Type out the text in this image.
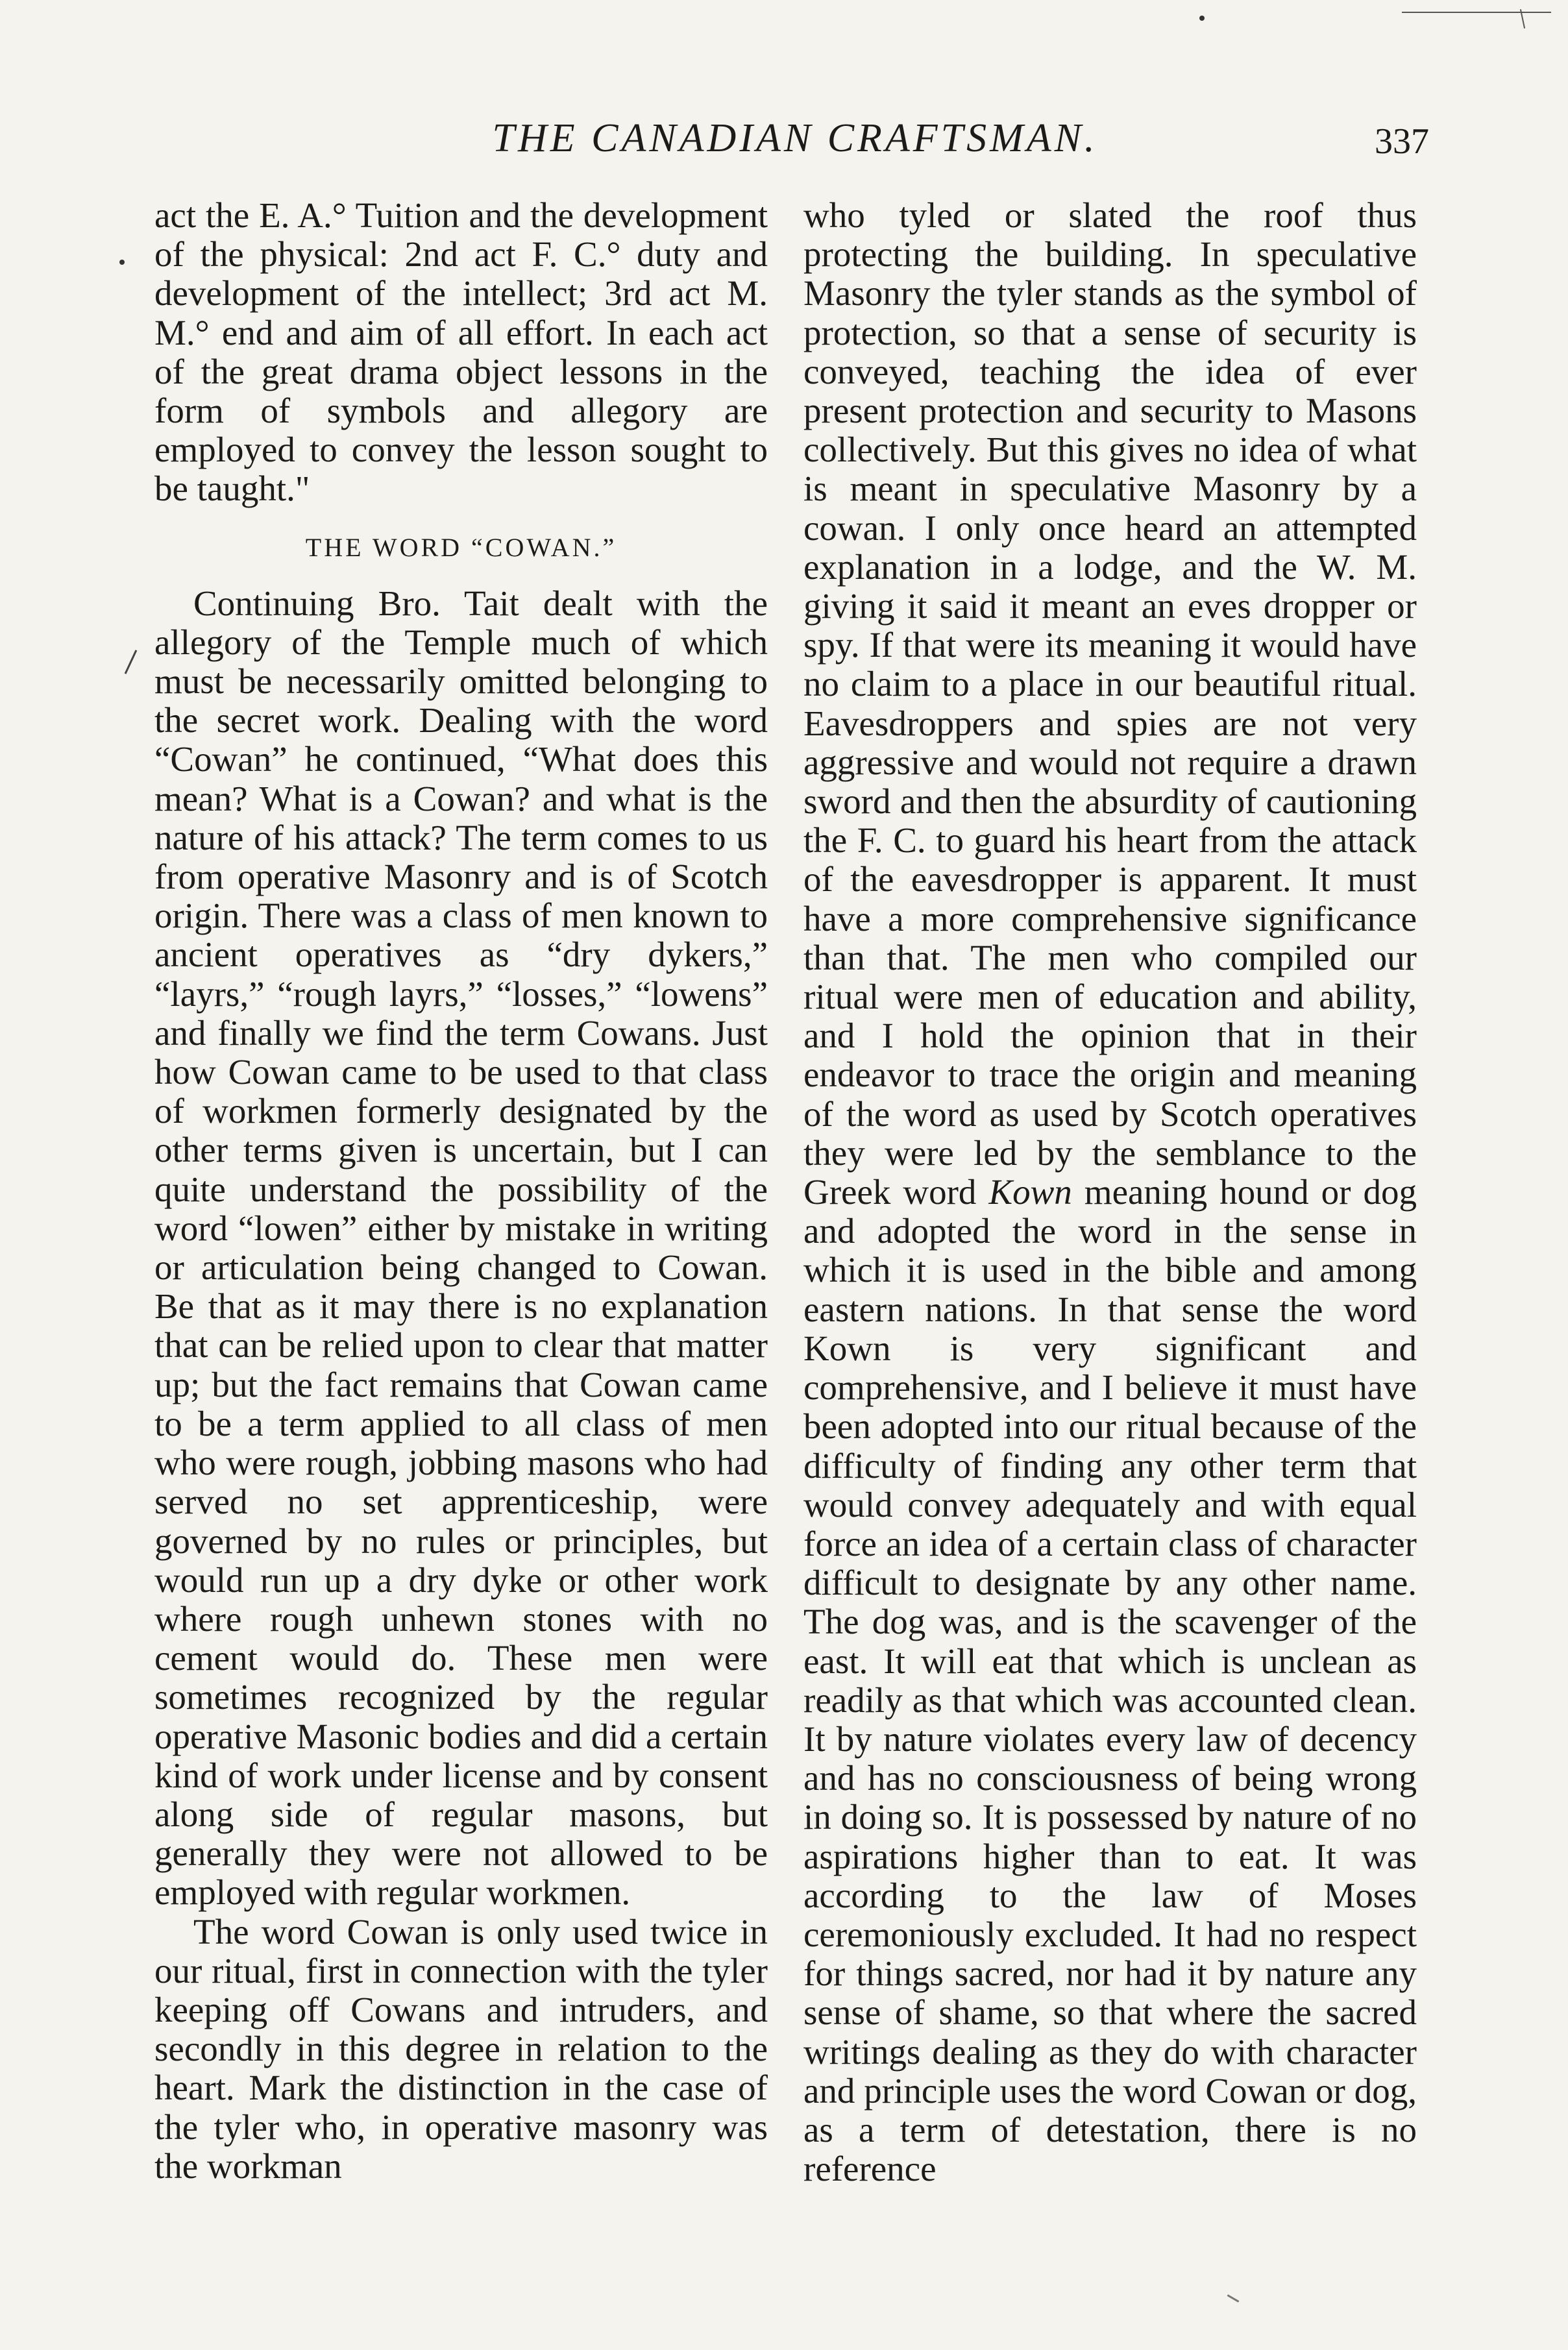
THE CANADIAN CRAFTSMAN.	337

act the E. A.° Tuition and the development of the physical: 2nd act F. C.° duty and development of the intellect; 3rd act M. M.° end and aim of all effort. In each act of the great drama object lessons in the form of symbols and allegory are employed to convey the lesson sought to be taught."

THE WORD “COWAN.”

Continuing Bro. Tait dealt with the allegory of the Temple much of which must be necessarily omitted belonging to the secret work. Dealing with the word “Cowan” he continued, “What does this mean? What is a Cowan? and what is the nature of his attack? The term comes to us from operative Masonry and is of Scotch origin. There was a class of men known to ancient operatives as “dry dykers,” “layrs,” “rough layrs,” “losses,” “lowens” and finally we find the term Cowans. Just how Cowan came to be used to that class of workmen formerly designated by the other terms given is uncertain, but I can quite understand the possibility of the word “lowen” either by mistake in writing or articulation being changed to Cowan. Be that as it may there is no explanation that can be relied upon to clear that matter up; but the fact remains that Cowan came to be a term applied to all class of men who were rough, jobbing masons who had served no set apprenticeship, were governed by no rules or principles, but would run up a dry dyke or other work where rough unhewn stones with no cement would do. These men were sometimes recognized by the regular operative Masonic bodies and did a certain kind of work under license and by consent along side of regular masons, but generally they were not allowed to be employed with regular workmen.

The word Cowan is only used twice in our ritual, first in connection with the tyler keeping off Cowans and intruders, and secondly in this degree in relation to the heart. Mark the distinction in the case of the tyler who, in operative masonry was the workman

who tyled or slated the roof thus protecting the building. In speculative Masonry the tyler stands as the symbol of protection, so that a sense of security is conveyed, teaching the idea of ever present protection and security to Masons collectively. But this gives no idea of what is meant in speculative Masonry by a cowan. I only once heard an attempted explanation in a lodge, and the W. M. giving it said it meant an eves dropper or spy. If that were its meaning it would have no claim to a place in our beautiful ritual. Eavesdroppers and spies are not very aggressive and would not require a drawn sword and then the absurdity of cautioning the F. C. to guard his heart from the attack of the eavesdropper is apparent. It must have a more comprehensive significance than that. The men who compiled our ritual were men of education and ability, and I hold the opinion that in their endeavor to trace the origin and meaning of the word as used by Scotch operatives they were led by the semblance to the Greek word Kown meaning hound or dog and adopted the word in the sense in which it is used in the bible and among eastern nations. In that sense the word Kown is very significant and comprehensive, and I believe it must have been adopted into our ritual because of the difficulty of finding any other term that would convey adequately and with equal force an idea of a certain class of character difficult to designate by any other name. The dog was, and is the scavenger of the east. It will eat that which is unclean as readily as that which was accounted clean. It by nature violates every law of decency and has no consciousness of being wrong in doing so. It is possessed by nature of no aspirations higher than to eat. It was according to the law of Moses ceremoniously excluded. It had no respect for things sacred, nor had it by nature any sense of shame, so that where the sacred writings dealing as they do with character and principle uses the word Cowan or dog, as a term of detestation, there is no reference
